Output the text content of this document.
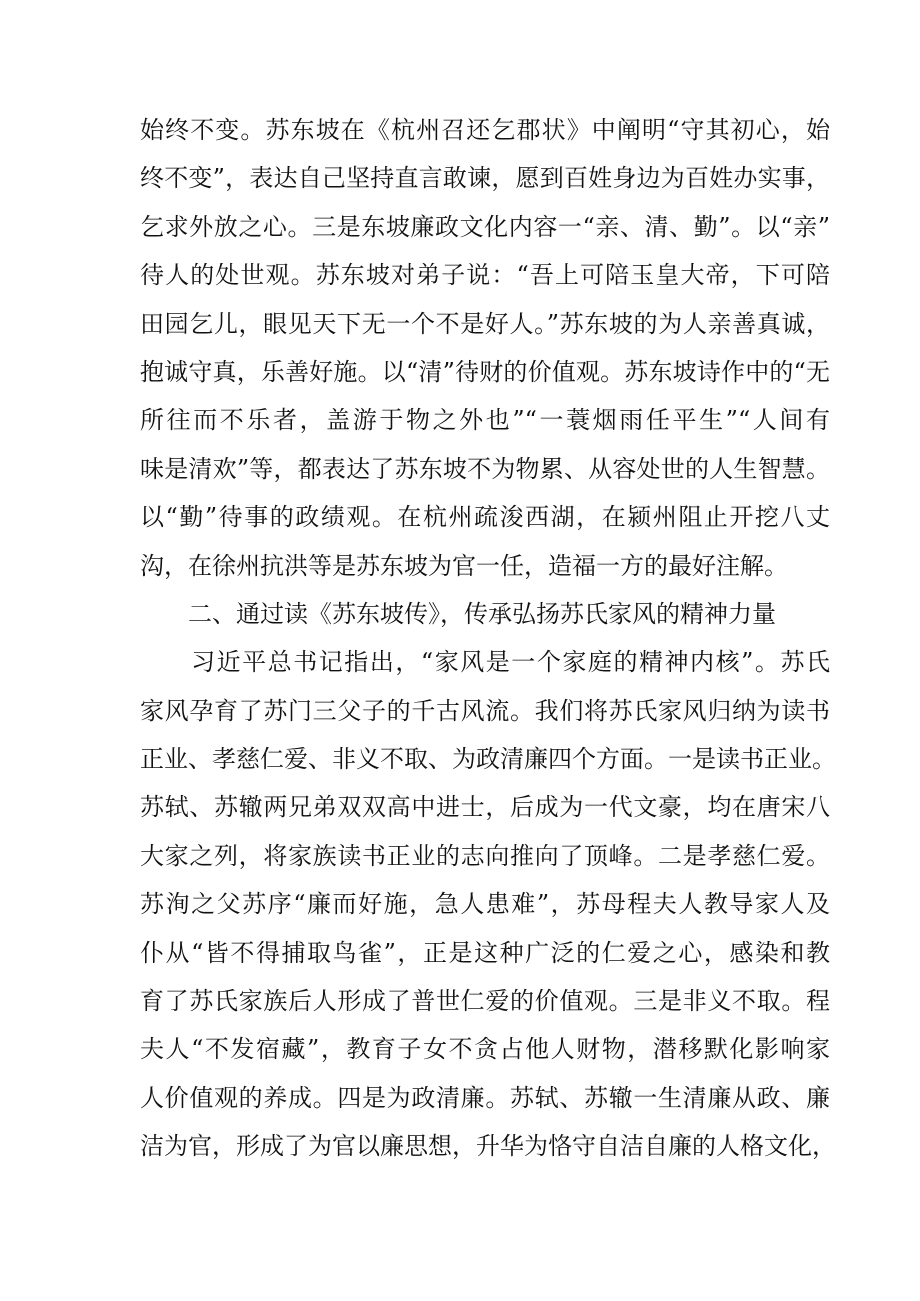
始终不变。苏东坡在《杭州召还乞郡状》中阐明“守其初心，始
终不变”，表达自己坚持直言敢谏，愿到百姓身边为百姓办实事，
乞求外放之心。三是东坡廉政文化内容一“亲、清、勤”。以“亲”
待人的处世观。苏东坡对弟子说：“吾上可陪玉皇大帝，下可陪
田园乞儿，眼见天下无一个不是好人。”苏东坡的为人亲善真诚，
抱诚守真，乐善好施。以“清”待财的价值观。苏东坡诗作中的“无
所往而不乐者，盖游于物之外也”“一蓑烟雨任平生”“人间有
味是清欢”等，都表达了苏东坡不为物累、从容处世的人生智慧。
以“勤”待事的政绩观。在杭州疏浚西湖，在颍州阻止开挖八丈
沟，在徐州抗洪等是苏东坡为官一任，造福一方的最好注解。
　　二、通过读《苏东坡传》，传承弘扬苏氏家风的精神力量
　　习近平总书记指出，“家风是一个家庭的精神内核”。苏氏
家风孕育了苏门三父子的千古风流。我们将苏氏家风归纳为读书
正业、孝慈仁爱、非义不取、为政清廉四个方面。一是读书正业。
苏轼、苏辙两兄弟双双高中进士，后成为一代文豪，均在唐宋八
大家之列，将家族读书正业的志向推向了顶峰。二是孝慈仁爱。
苏洵之父苏序“廉而好施，急人患难”，苏母程夫人教导家人及
仆从“皆不得捕取鸟雀”，正是这种广泛的仁爱之心，感染和教
育了苏氏家族后人形成了普世仁爱的价值观。三是非义不取。程
夫人“不发宿藏”，教育子女不贪占他人财物，潜移默化影响家
人价值观的养成。四是为政清廉。苏轼、苏辙一生清廉从政、廉
洁为官，形成了为官以廉思想，升华为恪守自洁自廉的人格文化，
